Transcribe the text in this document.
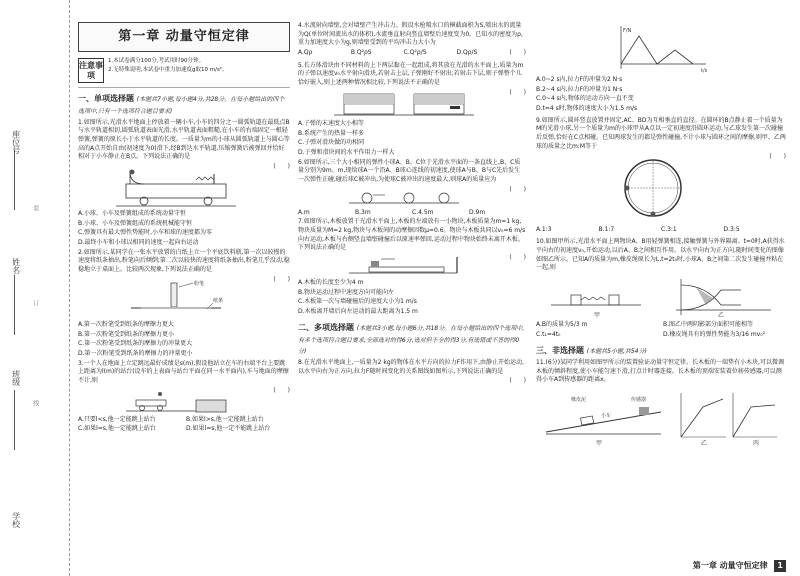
座位号
姓名
班级
学校
装
订
线
第一章 动量守恒定律
注意事项

1.本试卷满分100分,考试用时90分钟。

2.无特殊说明,本试卷中重力加速度g取10 m/s²。

一、单项选择题 (本题共7小题,每小题4分,共28分。在每小题给出的四个选项中,只有一个选项符合题目要求)

1.如图所示,光滑水平地面上停放着一辆小车,小车的四分之一圆弧轨道在最低点B与水平轨道相切,圆弧轨道表面光滑,水平轨道表面粗糙,在小车的右端固定一根轻弹簧,弹簧的原长小于水平轨道的长度。一质量为m的小球从圆弧轨道上与圆心等高的A点开始自由(初速度为0)滑下,经B到达水平轨道,压缩弹簧后被弹回并恰好相对于小车静止在B点。下列说法正确的是

(　　)

A.小球、小车及弹簧组成的系统动量守恒

B.小球、小车及弹簧组成的系统机械能守恒

C.弹簧具有最大弹性势能时,小车和球的速度都为零

D.最终小车和小球以相同的速度一起向右运动

2.如图所示,某同学在一张水平放置的白纸上立一个平底饮料瓶,第一次以较慢的速度将纸条抽出,粉笔向后倾倒;第二次以较快的速度将纸条抽出,粉笔几乎没动,稳稳地立于桌面上。比较两次现象,下列说法正确的是

(　　)
粉笔
纸条

A.第一次粉笔受到纸条的摩擦力更大

B.第一次粉笔受到纸条的摩擦力更小

C.第一次粉笔受到纸条的摩擦力的冲量更大

D.第一次粉笔受到纸条的摩擦力的冲量更小

3.一个人在地面上立定跳远最好成绩是s(m),假设他站立在车的右端平台上要跳上距离为l(m)的站台(设车的上表面与站台平面在同一水平面内),车与地面的摩擦不计,则

(　　)

A.只要l<s,他一定能跳上站台	B.如果l>s,他一定能跳上站台

C.如果l=s,他一定能跳上站台	D.如果l=s,他一定不能跳上站台

4.水流射向墙壁,会对墙壁产生冲击力。假设水枪喷水口的横截面积为S,喷出水的流量为Q(单位时间流出水的体积),水流垂直射向竖直墙壁后速度变为0。已知水的密度为ρ,重力加速度大小为g,则墙壁受到的平均冲击力大小为

(　　)

A.Qρ	B.Q²ρS	C.Q²ρ/S	D.Qρ/S

5.长方体滑块由不同材料的上下两层黏在一起组成,将其放在光滑的水平面上,质量为m的子弹以速度v₀水平射向滑块,若射击上层,子弹刚好不射出;若射击下层,则子弹整个儿恰好嵌入,则上述两种情况相比较,下列说法不正确的是

(　　)

A.子弹的末速度大小相等

B.系统产生的热量一样多

C.子弹对滑块做的功相同

D.子弹和滑块间的水平作用力一样大

6.如图所示,三个大小相同的弹性小球A、B、C位于光滑水平面的一条直线上,B、C质量分别为9m、m,现给球A一个沿A、B球心连线的初速度,使球A与B、B与C先后发生一次弹性正碰,碰后球C被冲出,为使球C被冲出的速度最大,则球A的质量应为

(　　)

A.m	B.3m	C.4.5m	D.9m

7.如图所示,木板放置于光滑水平面上,木板的左端放有一小物块,木板质量为m=1 kg,物块质量为M=2 kg,物块与木板间的动摩擦因数μ=0.6。物块与木板共同以v₀=6 m/s向右运动,木板与右侧竖直墙壁碰撞后以原速率弹回,运动过程中物块始终未离开木板。下列说法正确的是

(　　)

A.木板的长度至少为4 m

B.物块运动过程中速度方向可能向左

C.木板第一次与墙碰撞后的速度大小为1 m/s

D.木板离开墙后向左运动的最大距离为1.5 m

二、多项选择题 (本题共3小题,每小题6分,共18分。在每小题给出的四个选项中,有多个选项符合题目要求,全部选对的得6分,选对但不全的得3分,有选错或不答的得0分)

8.在光滑水平地面上,一质量为2 kg的物体在水平方向的拉力F作用下,由静止开始运动,以水平向右为正方向,拉力F随时间变化的关系图线如图所示,下列说法正确的是

(　　)
F/N
t/s

A.0~2 s内,拉力F的冲量为2 N·s

B.2~4 s内,拉力F的冲量为1 N·s

C.0~4 s内,物体的运动方向一直不变

D.t=4 s时,物体的速度大小为1.5 m/s

9.如图所示,圆环竖直放置并固定,AC、BD为互相垂直的直径。在圆环的B点静止着一个质量为M的光滑小球,另一个质量为m的小球甲从A点以一定初速度沿圆环运动,与乙球发生第一次碰撞后反弹,恰好在C点相碰。已知两球发生的都是弹性碰撞,不计小球与圆环之间的摩擦,则甲、乙两球的质量之比m:M等于

(　　)

A.1:3	B.1:7	C.3:1	D.3:5

10.如图甲所示,光滑水平面上两物块A、B用轻弹簧相连,接触弹簧与外界隔离。t=0时,A获得水平向右的初速度v₀,开始运动,以后A、B之间相互作用。以水平向右为正方向,随时间变化的图像如图乙所示。已知A的质量为m,橡皮绳原长为L,t=2t₀时,小球A、B之间第二次发生碰撞并粘在一起,则

甲	乙

A.B的质量为5/3 m	B.图乙中两阴影部分面积可能相等

C.t₁=4t₀	D.橡皮绳具有的弹性势能为3/16 mv₀²

三、非选择题 (本题共5小题,共54分)

11.(6分)某同学利用如图甲所示的装置验证动量守恒定律。长木板的一端垫有小木块,可以微调木板的倾斜程度,使小车能匀速下滑,打点计时器连接。长木板的顶端安装着位移传感器,可以测得小车A到传感器的距离x。

橡皮泥	传感器
小车
甲	乙	丙
第一章 动量守恒定律 1
